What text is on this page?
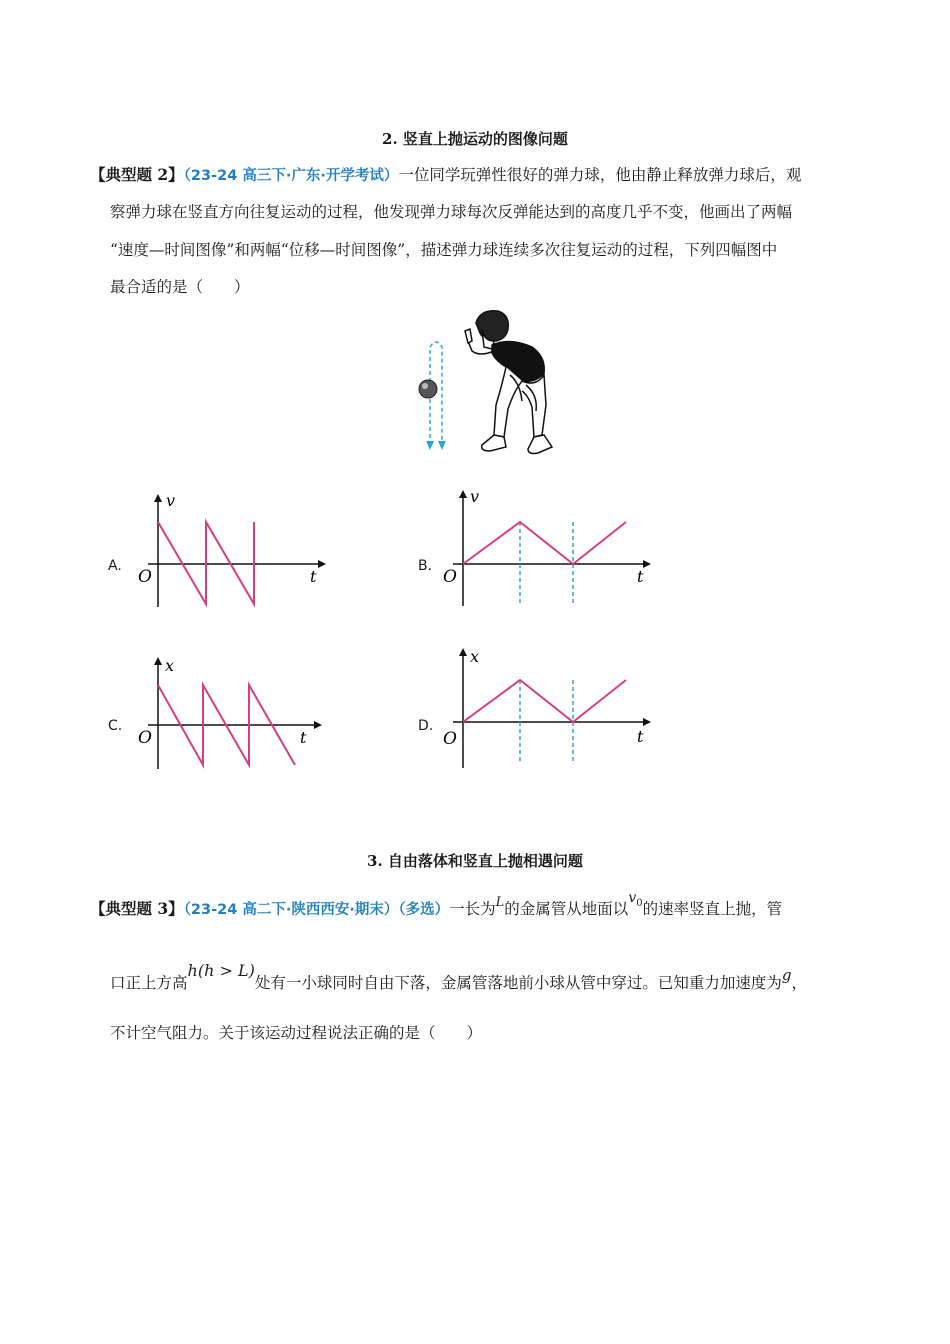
2. 竖直上抛运动的图像问题
【典型题 2】（23-24 高三下·广东·开学考试）一位同学玩弹性很好的弹力球，他由静止释放弹力球后，观
察弹力球在竖直方向往复运动的过程，他发现弹力球每次反弹能达到的高度几乎不变，他画出了两幅
“速度—时间图像”和两幅“位移—时间图像”，描述弹力球连续多次往复运动的过程，下列四幅图中
最合适的是（　　）
A.
v
t
O
B.
v
t
O
C.
x
t
O
D.
x
t
O
3. 自由落体和竖直上抛相遇问题
【典型题 3】（23-24 高二下·陕西西安·期末）（多选）一长为$^L$的金属管从地面以$v_0$的速率竖直上抛，管
口正上方高h(h > L)处有一小球同时自由下落，金属管落地前小球从管中穿过。已知重力加速度为g，
不计空气阻力。关于该运动过程说法正确的是（　　）
